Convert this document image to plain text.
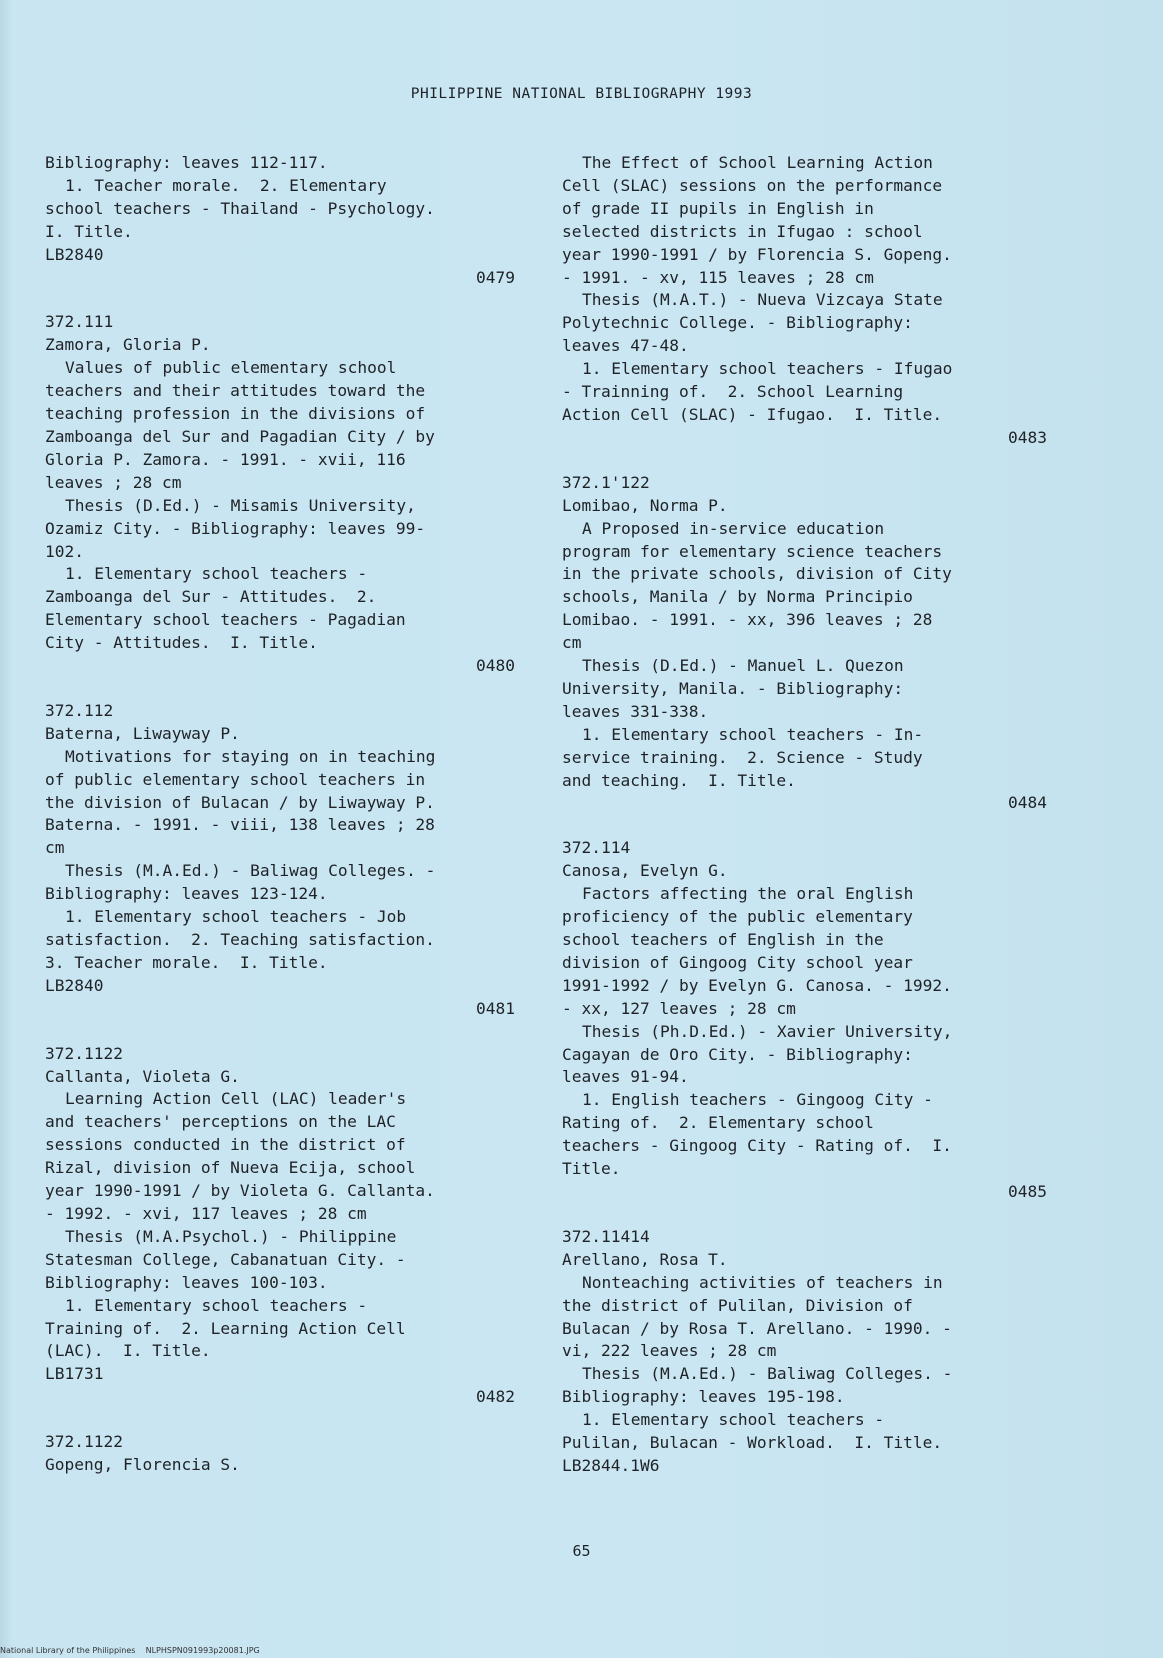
PHILIPPINE NATIONAL BIBLIOGRAPHY 1993
Bibliography: leaves 112-117.
1. Teacher morale.  2. Elementary
school teachers - Thailand - Psychology.
I. Title.
LB2840
0479
372.111
Zamora, Gloria P.
Values of public elementary school
teachers and their attitudes toward the
teaching profession in the divisions of
Zamboanga del Sur and Pagadian City / by
Gloria P. Zamora. - 1991. - xvii, 116
leaves ; 28 cm
Thesis (D.Ed.) - Misamis University,
Ozamiz City. - Bibliography: leaves 99-
102.
1. Elementary school teachers -
Zamboanga del Sur - Attitudes.  2.
Elementary school teachers - Pagadian
City - Attitudes.  I. Title.
0480
372.112
Baterna, Liwayway P.
Motivations for staying on in teaching
of public elementary school teachers in
the division of Bulacan / by Liwayway P.
Baterna. - 1991. - viii, 138 leaves ; 28
cm
Thesis (M.A.Ed.) - Baliwag Colleges. -
Bibliography: leaves 123-124.
1. Elementary school teachers - Job
satisfaction.  2. Teaching satisfaction.
3. Teacher morale.  I. Title.
LB2840
0481
372.1122
Callanta, Violeta G.
Learning Action Cell (LAC) leader's
and teachers' perceptions on the LAC
sessions conducted in the district of
Rizal, division of Nueva Ecija, school
year 1990-1991 / by Violeta G. Callanta.
- 1992. - xvi, 117 leaves ; 28 cm
Thesis (M.A.Psychol.) - Philippine
Statesman College, Cabanatuan City. -
Bibliography: leaves 100-103.
1. Elementary school teachers -
Training of.  2. Learning Action Cell
(LAC).  I. Title.
LB1731
0482
372.1122
Gopeng, Florencia S.
The Effect of School Learning Action
Cell (SLAC) sessions on the performance
of grade II pupils in English in
selected districts in Ifugao : school
year 1990-1991 / by Florencia S. Gopeng.
- 1991. - xv, 115 leaves ; 28 cm
Thesis (M.A.T.) - Nueva Vizcaya State
Polytechnic College. - Bibliography:
leaves 47-48.
1. Elementary school teachers - Ifugao
- Trainning of.  2. School Learning
Action Cell (SLAC) - Ifugao.  I. Title.
0483
372.1'122
Lomibao, Norma P.
A Proposed in-service education
program for elementary science teachers
in the private schools, division of City
schools, Manila / by Norma Principio
Lomibao. - 1991. - xx, 396 leaves ; 28
cm
Thesis (D.Ed.) - Manuel L. Quezon
University, Manila. - Bibliography:
leaves 331-338.
1. Elementary school teachers - In-
service training.  2. Science - Study
and teaching.  I. Title.
0484
372.114
Canosa, Evelyn G.
Factors affecting the oral English
proficiency of the public elementary
school teachers of English in the
division of Gingoog City school year
1991-1992 / by Evelyn G. Canosa. - 1992.
- xx, 127 leaves ; 28 cm
Thesis (Ph.D.Ed.) - Xavier University,
Cagayan de Oro City. - Bibliography:
leaves 91-94.
1. English teachers - Gingoog City -
Rating of.  2. Elementary school
teachers - Gingoog City - Rating of.  I.
Title.
0485
372.11414
Arellano, Rosa T.
Nonteaching activities of teachers in
the district of Pulilan, Division of
Bulacan / by Rosa T. Arellano. - 1990. -
vi, 222 leaves ; 28 cm
Thesis (M.A.Ed.) - Baliwag Colleges. -
Bibliography: leaves 195-198.
1. Elementary school teachers -
Pulilan, Bulacan - Workload.  I. Title.
LB2844.1W6
65
National Library of the Philippines    NLPHSPN091993p20081.JPG
